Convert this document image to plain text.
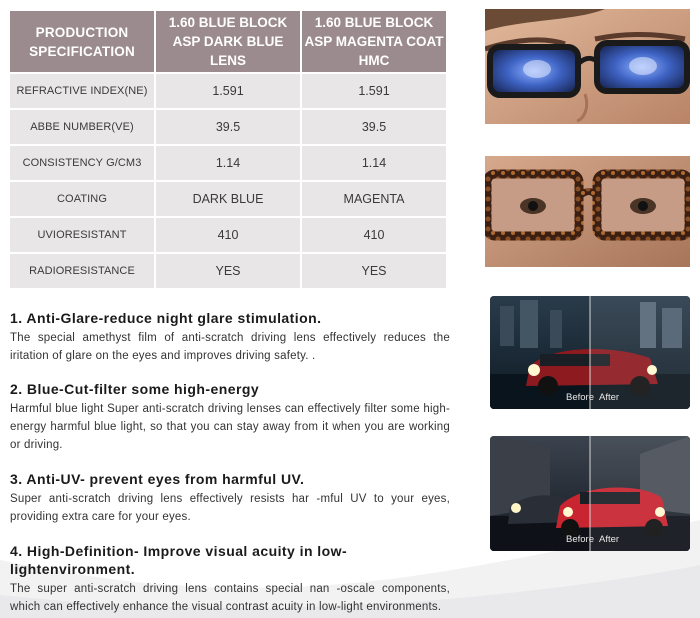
PRODUCTION SPECIFICATION	1.60 BLUE BLOCK ASP DARK BLUE LENS	1.60 BLUE BLOCK ASP MAGENTA COAT HMC
REFRACTIVE INDEX(NE)	1.591	1.591
ABBE NUMBER(VE)	39.5	39.5
CONSISTENCY G/CM3	1.14	1.14
COATING	DARK BLUE	MAGENTA
UVIORESISTANT	410	410
RADIORESISTANCE	YES	YES
1. Anti-Glare-reduce night glare stimulation.

The special amethyst film of anti-scratch driving lens effectively reduces the iritation of glare on the eyes and improves driving safety. .

2. Blue-Cut-filter some high-energy

Harmful blue light Super anti-scratch driving lenses can effectively filter some high-energy harmful blue light, so that you can stay away from it when you are working or driving.

3. Anti-UV- prevent eyes from harmful UV.

Super anti-scratch driving lens effectively resists har -mful UV to your eyes, providing extra care for your eyes.

4. High-Definition- Improve visual acuity in low-lightenvironment.

The super anti-scratch driving lens contains special nan -oscale components, which can effectively enhance the visual contrast acuity in low-light environments.

Before After
Before After
